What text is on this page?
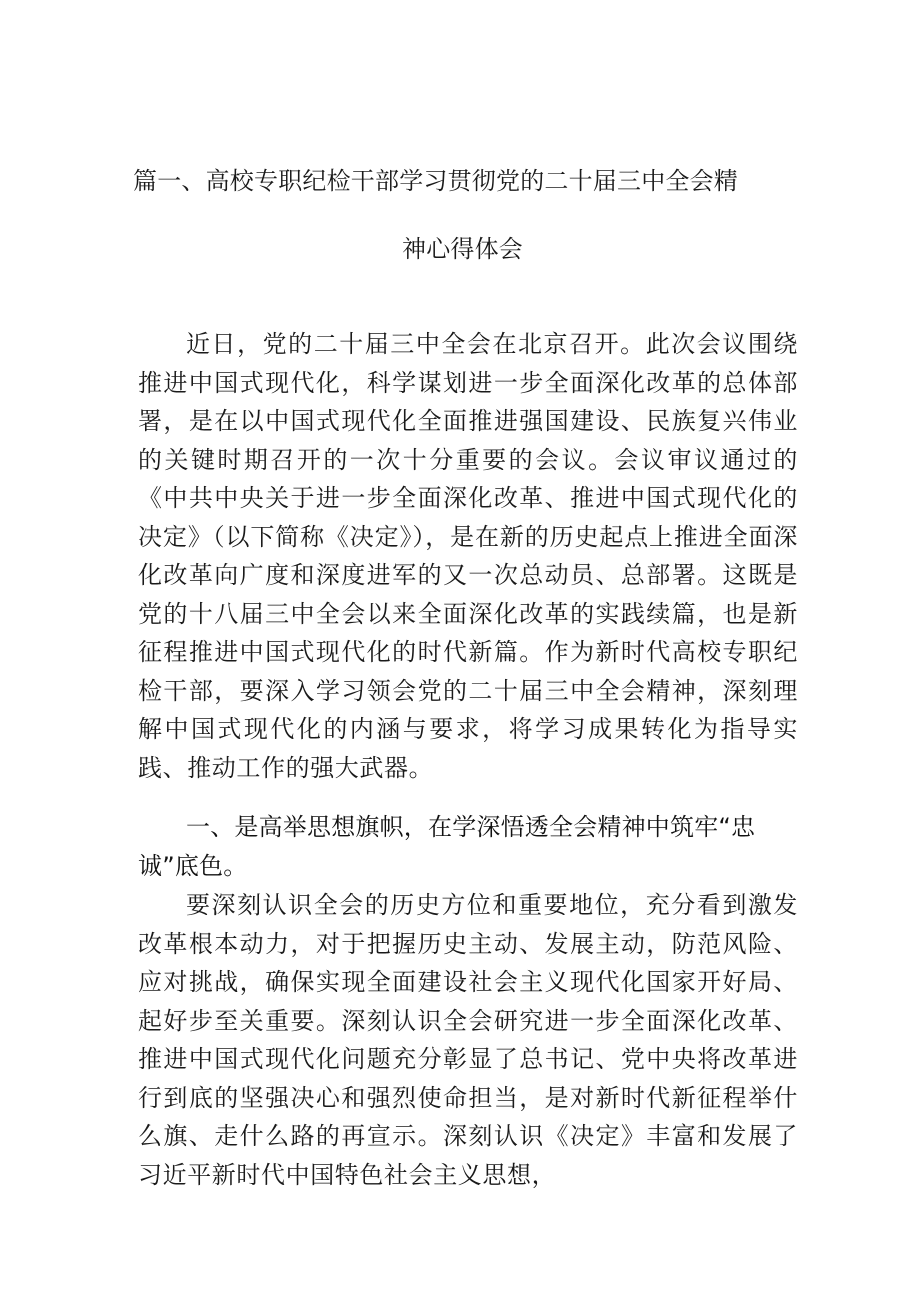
篇一、高校专职纪检干部学习贯彻党的二十届三中全会精
神心得体会

近日，党的二十届三中全会在北京召开。此次会议围绕推进中国式现代化，科学谋划进一步全面深化改革的总体部署，是在以中国式现代化全面推进强国建设、民族复兴伟业的关键时期召开的一次十分重要的会议。会议审议通过的《中共中央关于进一步全面深化改革、推进中国式现代化的决定》（以下简称《决定》），是在新的历史起点上推进全面深化改革向广度和深度进军的又一次总动员、总部署。这既是党的十八届三中全会以来全面深化改革的实践续篇，也是新征程推进中国式现代化的时代新篇。作为新时代高校专职纪检干部，要深入学习领会党的二十届三中全会精神，深刻理解中国式现代化的内涵与要求，将学习成果转化为指导实践、推动工作的强大武器。

一、是高举思想旗帜，在学深悟透全会精神中筑牢“忠诚”底色。

要深刻认识全会的历史方位和重要地位，充分看到激发改革根本动力，对于把握历史主动、发展主动，防范风险、应对挑战，确保实现全面建设社会主义现代化国家开好局、起好步至关重要。深刻认识全会研究进一步全面深化改革、推进中国式现代化问题充分彰显了总书记、党中央将改革进行到底的坚强决心和强烈使命担当，是对新时代新征程举什么旗、走什么路的再宣示。深刻认识《决定》丰富和发展了习近平新时代中国特色社会主义思想，
